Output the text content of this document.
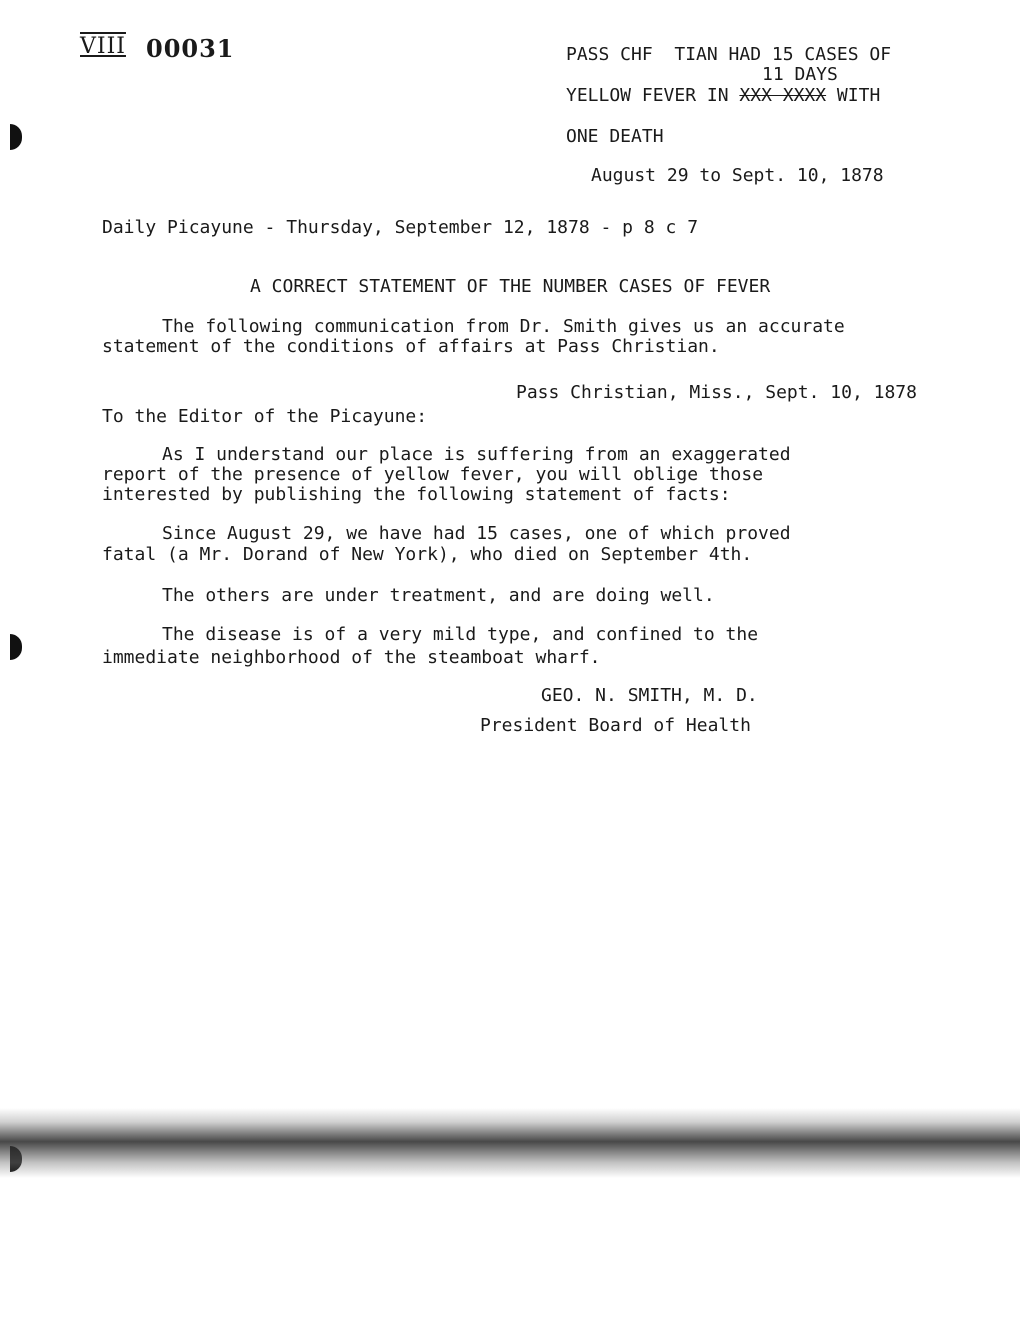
VIII 00031	PASS CHF  TIAN HAD 15 CASES OF
11 DAYS
YELLOW FEVER IN XXX XXXX WITH
ONE DEATH
August 29 to Sept. 10, 1878
Daily Picayune - Thursday, September 12, 1878 - p 8 c 7
A CORRECT STATEMENT OF THE NUMBER CASES OF FEVER
The following communication from Dr. Smith gives us an accurate
statement of the conditions of affairs at Pass Christian.
Pass Christian, Miss., Sept. 10, 1878
To the Editor of the Picayune:
As I understand our place is suffering from an exaggerated
report of the presence of yellow fever, you will oblige those
interested by publishing the following statement of facts:
Since August 29, we have had 15 cases, one of which proved
fatal (a Mr. Dorand of New York), who died on September 4th.
The others are under treatment, and are doing well.
The disease is of a very mild type, and confined to the
immediate neighborhood of the steamboat wharf.
GEO. N. SMITH, M. D.
President Board of Health
